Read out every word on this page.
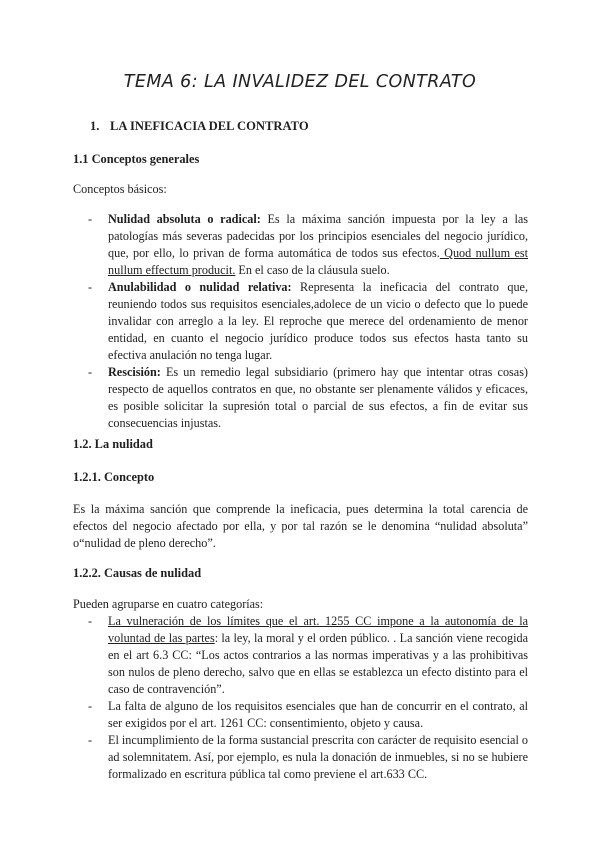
TEMA 6: LA INVALIDEZ DEL CONTRATO
1. LA INEFICACIA DEL CONTRATO
1.1 Conceptos generales
Conceptos básicos:
- Nulidad absoluta o radical: Es la máxima sanción impuesta por la ley a las patologías más severas padecidas por los principios esenciales del negocio jurídico, que, por ello, lo privan de forma automática de todos sus efectos. Quod nullum est nullum effectum producit. En el caso de la cláusula suelo.
- Anulabilidad o nulidad relativa: Representa la ineficacia del contrato que, reuniendo todos sus requisitos esenciales,adolece de un vicio o defecto que lo puede invalidar con arreglo a la ley. El reproche que merece del ordenamiento de menor entidad, en cuanto el negocio jurídico produce todos sus efectos hasta tanto su efectiva anulación no tenga lugar.
- Rescisión: Es un remedio legal subsidiario (primero hay que intentar otras cosas) respecto de aquellos contratos en que, no obstante ser plenamente válidos y eficaces, es posible solicitar la supresión total o parcial de sus efectos, a fin de evitar sus consecuencias injustas.
1.2. La nulidad
1.2.1. Concepto
Es la máxima sanción que comprende la ineficacia, pues determina la total carencia de efectos del negocio afectado por ella, y por tal razón se le denomina “nulidad absoluta” o“nulidad de pleno derecho”.
1.2.2. Causas de nulidad
Pueden agruparse en cuatro categorías:
- La vulneración de los límites que el art. 1255 CC impone a la autonomía de la voluntad de las partes: la ley, la moral y el orden público. . La sanción viene recogida en el art 6.3 CC: “Los actos contrarios a las normas imperativas y a las prohibitivas son nulos de pleno derecho, salvo que en ellas se establezca un efecto distinto para el caso de contravención”.
- La falta de alguno de los requisitos esenciales que han de concurrir en el contrato, al ser exigidos por el art. 1261 CC: consentimiento, objeto y causa.
- El incumplimiento de la forma sustancial prescrita con carácter de requisito esencial o ad solemnitatem. Así, por ejemplo, es nula la donación de inmuebles, si no se hubiere formalizado en escritura pública tal como previene el art.633 CC.
